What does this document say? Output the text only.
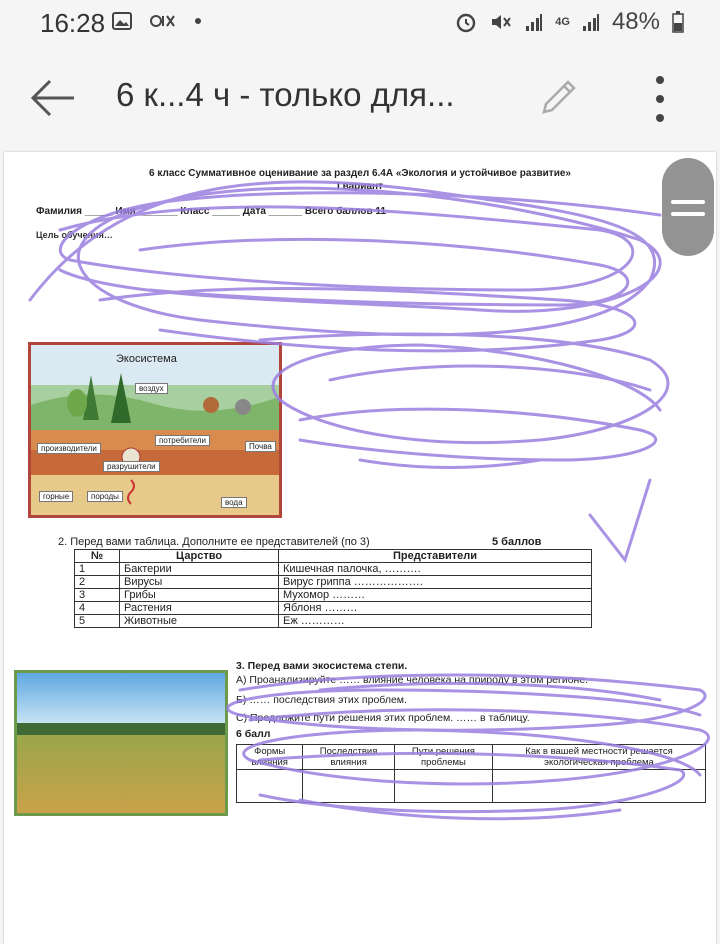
16:28	4G 48%
6 к...4 ч - только для...
6 класс Суммативное оценивание за раздел 6.4А «Экология и устойчивое развитие»
I вариант
Фамилия _____ Имя _______ Класс _____ Дата ______ Всего баллов 11
Цель обучения…
Экосистема
воздух
производители
потребители
Почва
разрушители
горные	породы
вода
2. Перед вами таблица. Дополните ее представителей (по 3)	5 баллов
№	Царство	Представители
1	Бактерии	Кишечная палочка, ……….
2	Вирусы	Вирус гриппа ……………….
3	Грибы	Мухомор ………
4	Растения	Яблоня ………
5	Животные	Еж …………
3. Перед вами экосистема степи.
А) Проанализируйте …… влияние человека на природу в этом регионе.
Б) …… последствия этих проблем.
С) Предложите пути решения этих проблем. …… в таблицу.
6 балл
Формы влияния	Последствия влияния	Пути решения проблемы	Как в вашей местности решается экологическая проблема
